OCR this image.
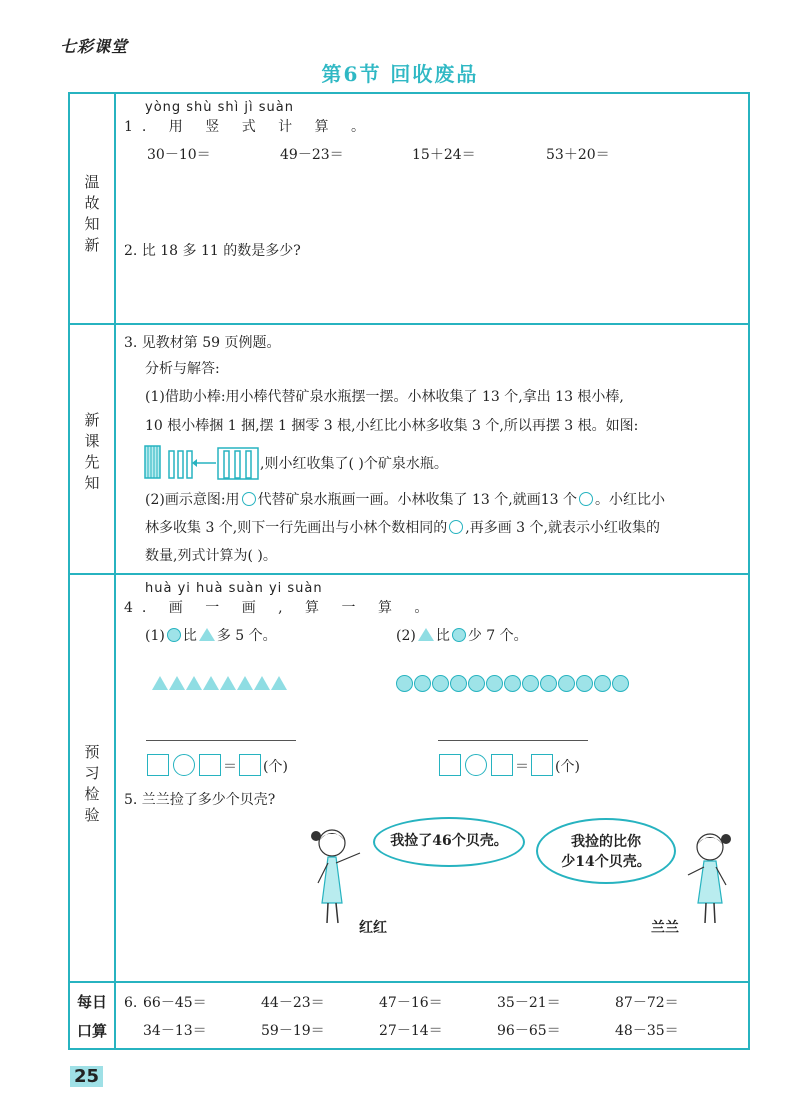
七彩课堂
第6节 回收废品
温
故
知
新
新
课
先
知
预
习
检
验
每日
口算
yòng shù shì jì suàn
1. 用 竖 式 计 算 。
30－10＝	49－23＝	15＋24＝	53＋20＝
2. 比 18 多 11 的数是多少?
3. 见教材第 59 页例题。
分析与解答:
(1)借助小棒:用小棒代替矿泉水瓶摆一摆。小林收集了 13 个,拿出 13 根小棒,
10 根小棒捆 1 捆,摆 1 捆零 3 根,小红比小林多收集 3 个,所以再摆 3 根。如图:
,则小红收集了( )个矿泉水瓶。
(2)画示意图:用 代替矿泉水瓶画一画。小林收集了 13 个,就画13 个 。小红比小
林多收集 3 个,则下一行先画出与小林个数相同的 ,再多画 3 个,就表示小红收集的
数量,列式计算为( )。
huà yi huà suàn yi suàn
4. 画 一 画 , 算 一 算 。
(1) 比 多 5 个。	(2) 比 少 7 个。
＝ (个)	＝ (个)
5. 兰兰捡了多少个贝壳?
我捡了46个贝壳。
红红
我捡的比你
少14个贝壳。
兰兰
6. 66－45＝	44－23＝	47－16＝	35－21＝	87－72＝
34－13＝	59－19＝	27－14＝	96－65＝	48－35＝
25
